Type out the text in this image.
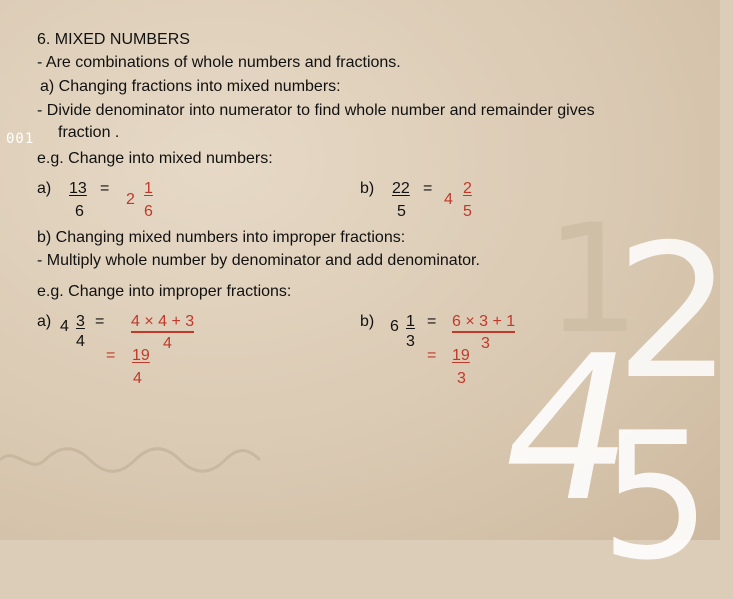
001
1
2
4
5
6. MIXED NUMBERS
- Are combinations of whole numbers and fractions.
a) Changing fractions into mixed numbers:
- Divide denominator into numerator to find whole number and remainder gives
fraction .
e.g. Change into mixed numbers:
a) 13
6
=
2
1
6
b) 22
5
=
4
2
5
b) Changing mixed numbers into improper fractions:
- Multiply whole number by denominator and add denominator.
e.g. Change into improper fractions:
a) 4 3
4
= 4 × 4 + 3
4
= 19
4
b) 6 1
3
= 6 × 3 + 1
3
= 19
3
